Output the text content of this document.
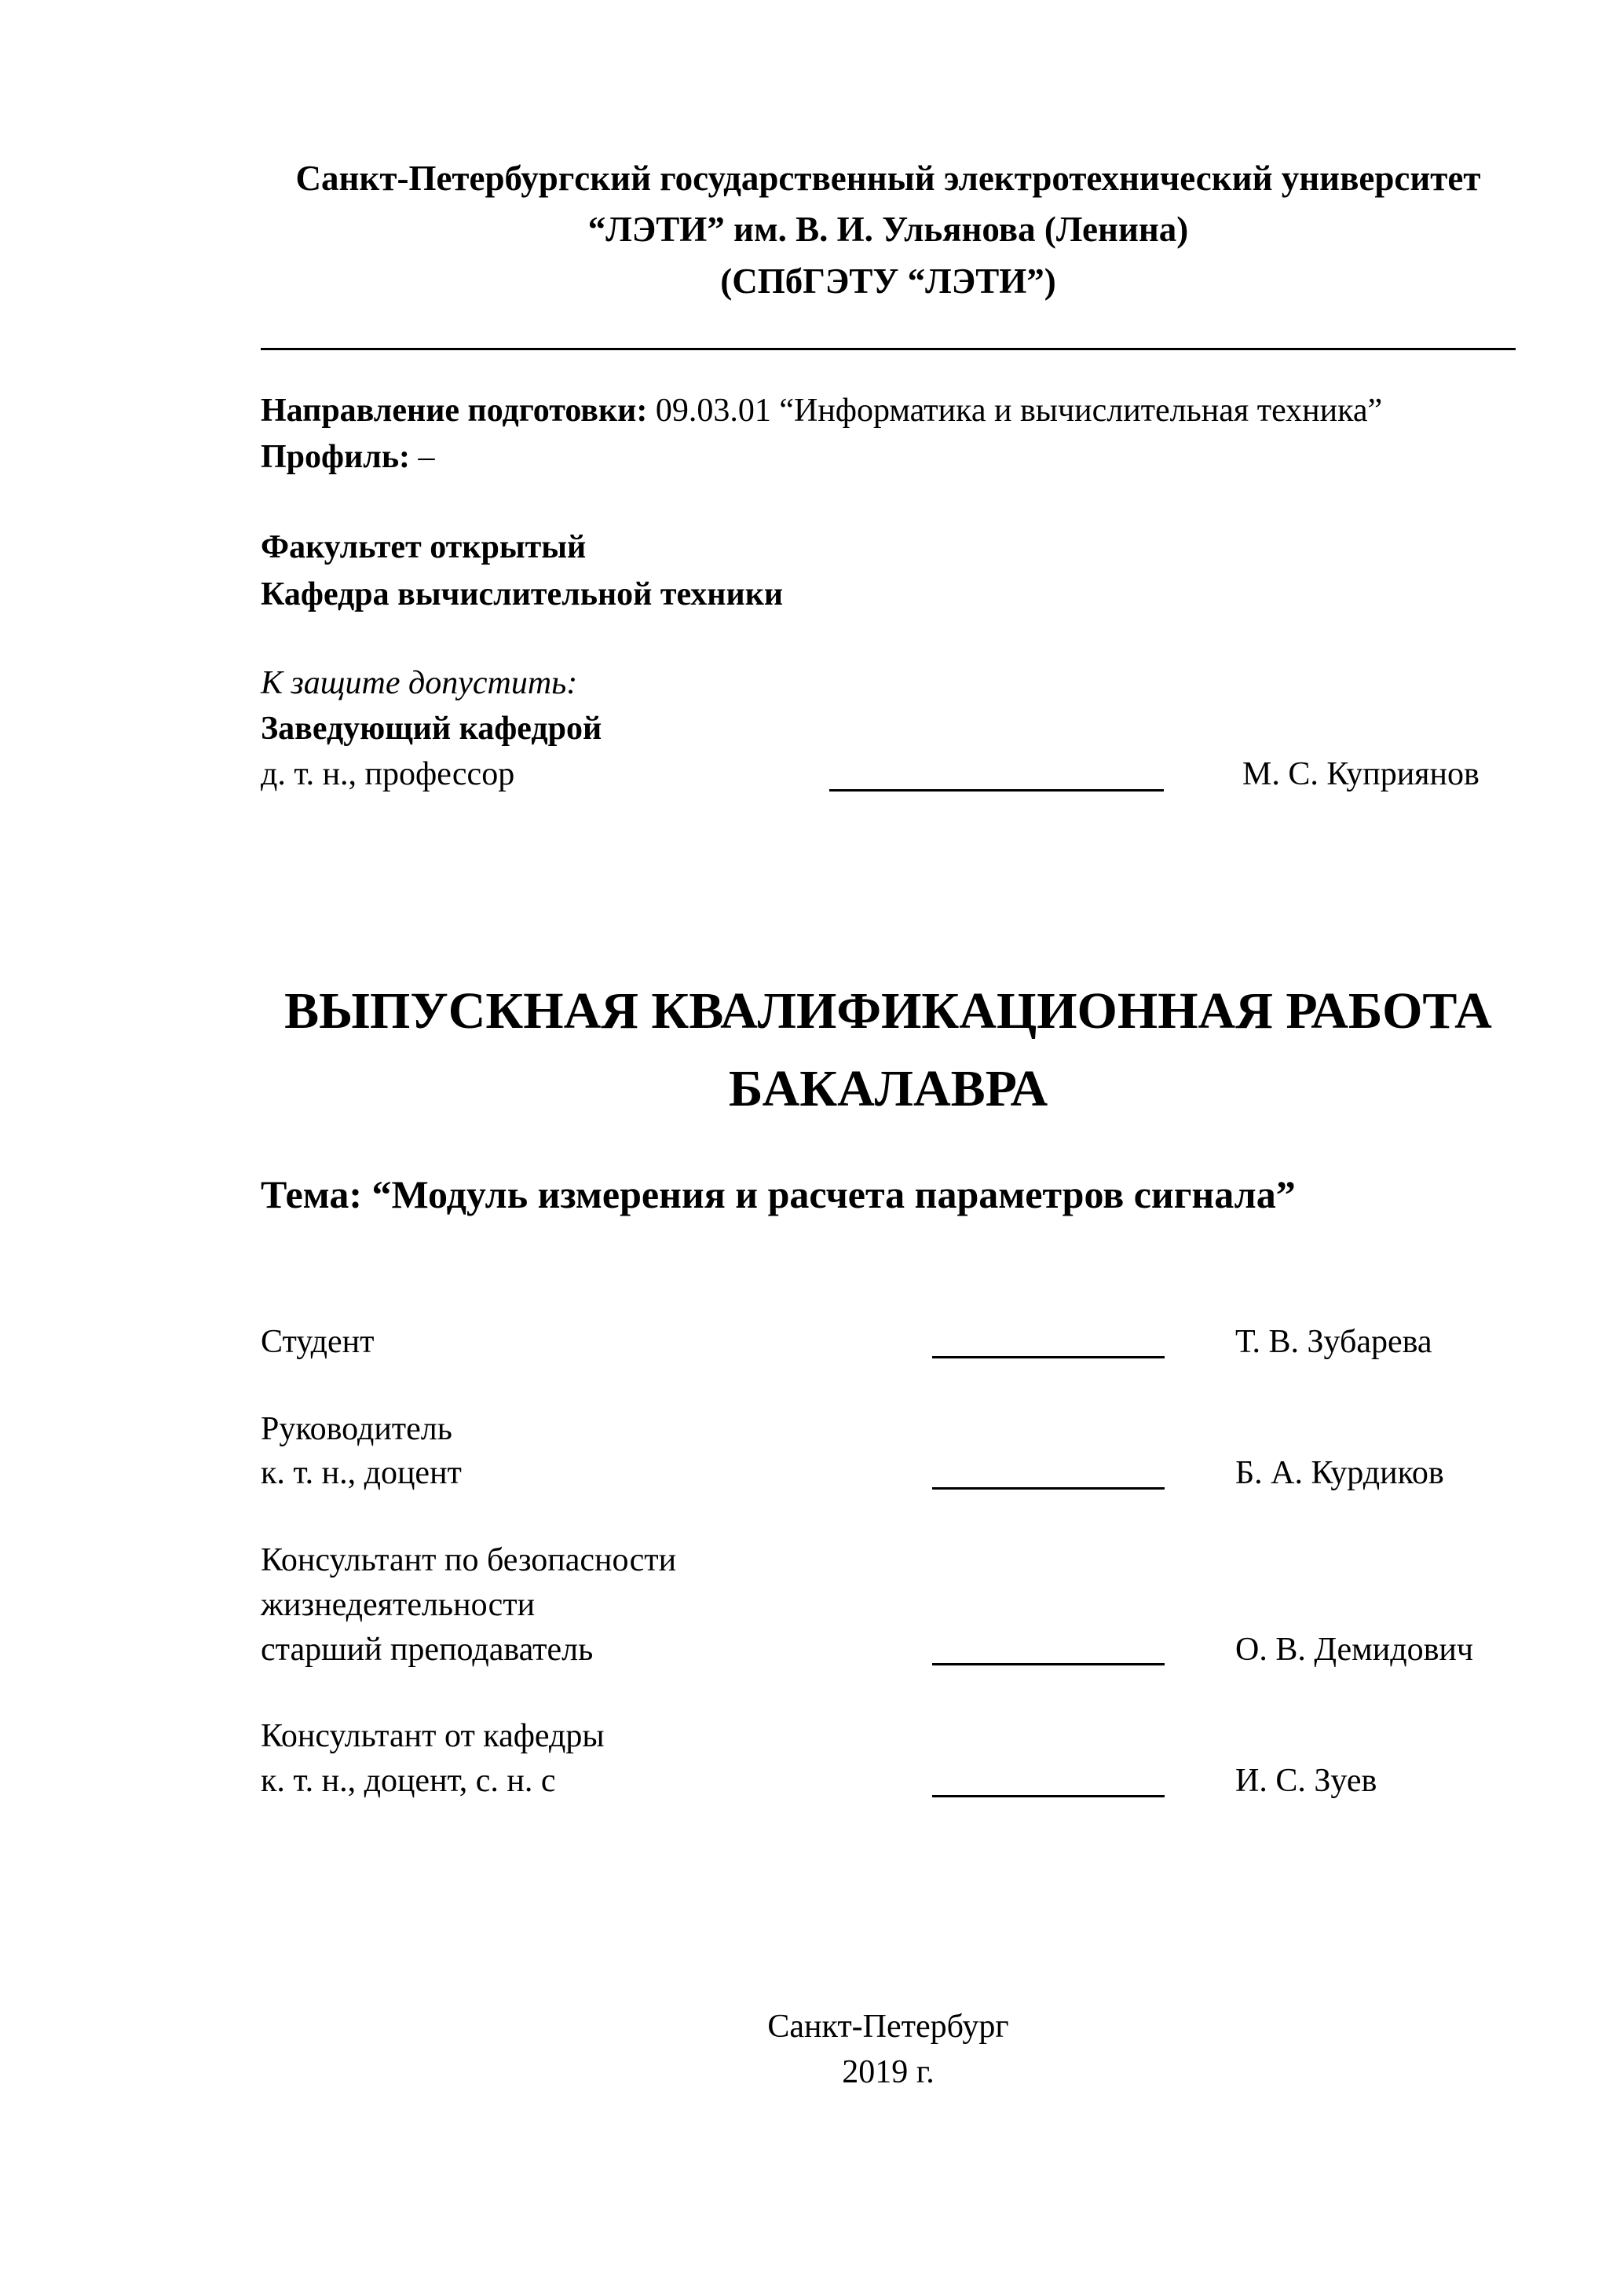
Санкт-Петербургский государственный электротехнический университет
“ЛЭТИ” им. В. И. Ульянова (Ленина)
(СПбГЭТУ “ЛЭТИ”)

Направление подготовки: 09.03.01 “Информатика и вычислительная техника”

Профиль: –

Факультет открытый
Кафедра вычислительной техники
К защите допустить:
Заведующий кафедрой
д. т. н., профессор	М. С. Куприянов
ВЫПУСКНАЯ КВАЛИФИКАЦИОННАЯ РАБОТА
БАКАЛАВРА

Тема: “Модуль измерения и расчета параметров сигнала”

Студент	Т. В. Зубарева
Руководитель
к. т. н., доцент	Б. А. Курдиков
Консультант по безопасности
жизнедеятельности
старший преподаватель	О. В. Демидович
Консультант от кафедры
к. т. н., доцент, с. н. с	И. С. Зуев
Санкт-Петербург
2019 г.
